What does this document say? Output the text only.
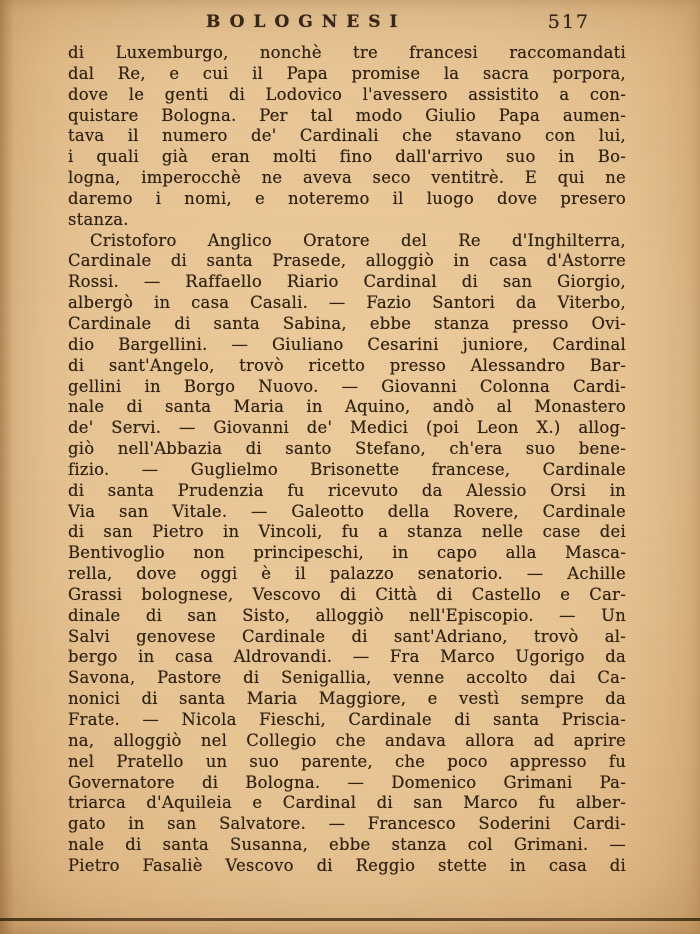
BOLOGNESI	517
di Luxemburgo, nonchè tre francesi raccomandati
dal Re, e cui il Papa promise la sacra porpora,
dove le genti di Lodovico l'avessero assistito a con-
quistare Bologna. Per tal modo Giulio Papa aumen-
tava il numero de' Cardinali che stavano con lui,
i quali già eran molti fino dall'arrivo suo in Bo-
logna, imperocchè ne aveva seco ventitrè. E qui ne
daremo i nomi, e noteremo il luogo dove presero
stanza.
Cristoforo Anglico Oratore del Re d'Inghilterra,
Cardinale di santa Prasede, alloggiò in casa d'Astorre
Rossi. — Raffaello Riario Cardinal di san Giorgio,
albergò in casa Casali. — Fazio Santori da Viterbo,
Cardinale di santa Sabina, ebbe stanza presso Ovi-
dio Bargellini. — Giuliano Cesarini juniore, Cardinal
di sant'Angelo, trovò ricetto presso Alessandro Bar-
gellini in Borgo Nuovo. — Giovanni Colonna Cardi-
nale di santa Maria in Aquino, andò al Monastero
de' Servi. — Giovanni de' Medici (poi Leon X.) allog-
giò nell'Abbazia di santo Stefano, ch'era suo bene-
fizio. — Guglielmo Brisonette francese, Cardinale
di santa Prudenzia fu ricevuto da Alessio Orsi in
Via san Vitale. — Galeotto della Rovere, Cardinale
di san Pietro in Vincoli, fu a stanza nelle case dei
Bentivoglio non principeschi, in capo alla Masca-
rella, dove oggi è il palazzo senatorio. — Achille
Grassi bolognese, Vescovo di Città di Castello e Car-
dinale di san Sisto, alloggiò nell'Episcopio. — Un
Salvi genovese Cardinale di sant'Adriano, trovò al-
bergo in casa Aldrovandi. — Fra Marco Ugorigo da
Savona, Pastore di Senigallia, venne accolto dai Ca-
nonici di santa Maria Maggiore, e vestì sempre da
Frate. — Nicola Fieschi, Cardinale di santa Priscia-
na, alloggiò nel Collegio che andava allora ad aprire
nel Pratello un suo parente, che poco appresso fu
Governatore di Bologna. — Domenico Grimani Pa-
triarca d'Aquileia e Cardinal di san Marco fu alber-
gato in san Salvatore. — Francesco Soderini Cardi-
nale di santa Susanna, ebbe stanza col Grimani. —
Pietro Fasaliè Vescovo di Reggio stette in casa di
